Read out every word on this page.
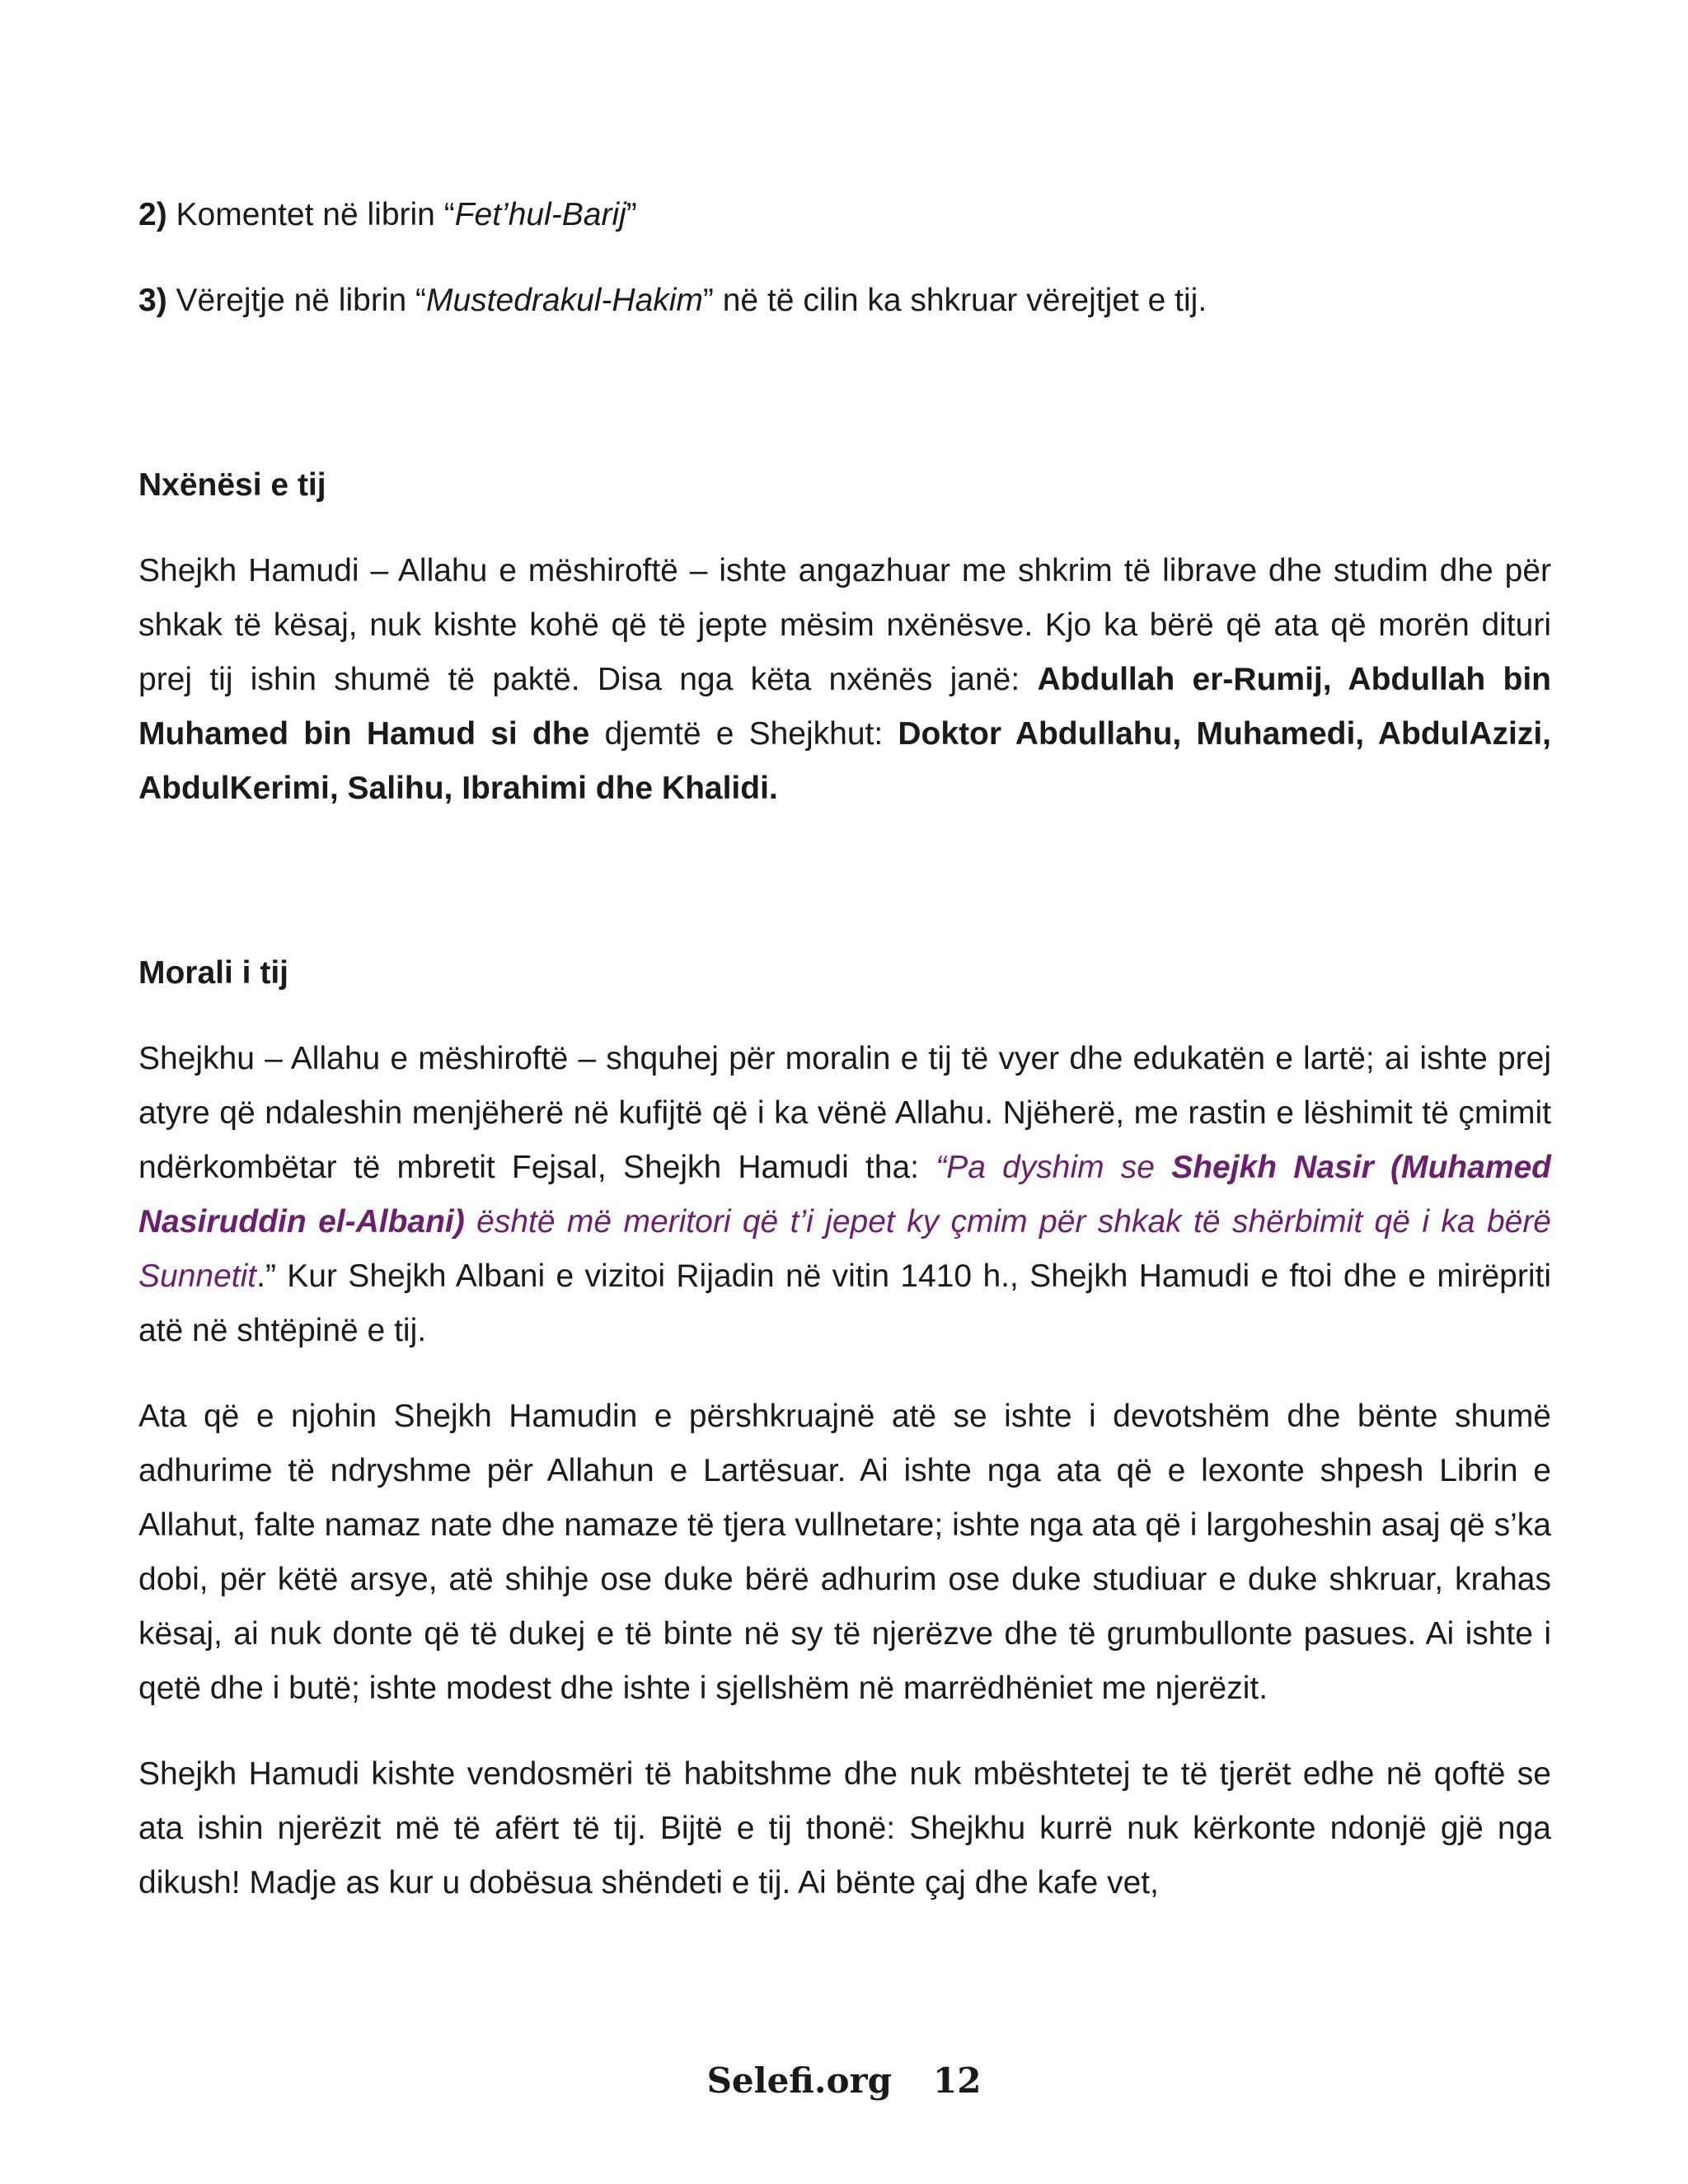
2) Komentet në librin “Fet’hul-Barij”

3) Vërejtje në librin “Mustedrakul-Hakim” në të cilin ka shkruar vërejtjet e tij.

Nxënësi e tij

Shejkh Hamudi – Allahu e mëshiroftë – ishte angazhuar me shkrim të librave dhe studim dhe për shkak të kësaj, nuk kishte kohë që të jepte mësim nxënësve. Kjo ka bërë që ata që morën dituri prej tij ishin shumë të paktë. Disa nga këta nxënës janë: Abdullah er-Rumij, Abdullah bin Muhamed bin Hamud si dhe djemtë e Shejkhut: Doktor Abdullahu, Muhamedi, AbdulAzizi, AbdulKerimi, Salihu, Ibrahimi dhe Khalidi.

Morali i tij

Shejkhu – Allahu e mëshiroftë – shquhej për moralin e tij të vyer dhe edukatën e lartë; ai ishte prej atyre që ndaleshin menjëherë në kufijtë që i ka vënë Allahu. Njëherë, me rastin e lëshimit të çmimit ndërkombëtar të mbretit Fejsal, Shejkh Hamudi tha: “Pa dyshim se Shejkh Nasir (Muhamed Nasiruddin el-Albani) është më meritori që t’i jepet ky çmim për shkak të shërbimit që i ka bërë Sunnetit.” Kur Shejkh Albani e vizitoi Rijadin në vitin 1410 h., Shejkh Hamudi e ftoi dhe e mirëpriti atë në shtëpinë e tij.

Ata që e njohin Shejkh Hamudin e përshkruajnë atë se ishte i devotshëm dhe bënte shumë adhurime të ndryshme për Allahun e Lartësuar. Ai ishte nga ata që e lexonte shpesh Librin e Allahut, falte namaz nate dhe namaze të tjera vullnetare; ishte nga ata që i largoheshin asaj që s’ka dobi, për këtë arsye, atë shihje ose duke bërë adhurim ose duke studiuar e duke shkruar, krahas kësaj, ai nuk donte që të dukej e të binte në sy të njerëzve dhe të grumbullonte pasues. Ai ishte i qetë dhe i butë; ishte modest dhe ishte i sjellshëm në marrëdhëniet me njerëzit.

Shejkh Hamudi kishte vendosmëri të habitshme dhe nuk mbështetej te të tjerët edhe në qoftë se ata ishin njerëzit më të afërt të tij. Bijtë e tij thonë: Shejkhu kurrë nuk kërkonte ndonjë gjë nga dikush! Madje as kur u dobësua shëndeti e tij. Ai bënte çaj dhe kafe vet,

Selefi.org 12
